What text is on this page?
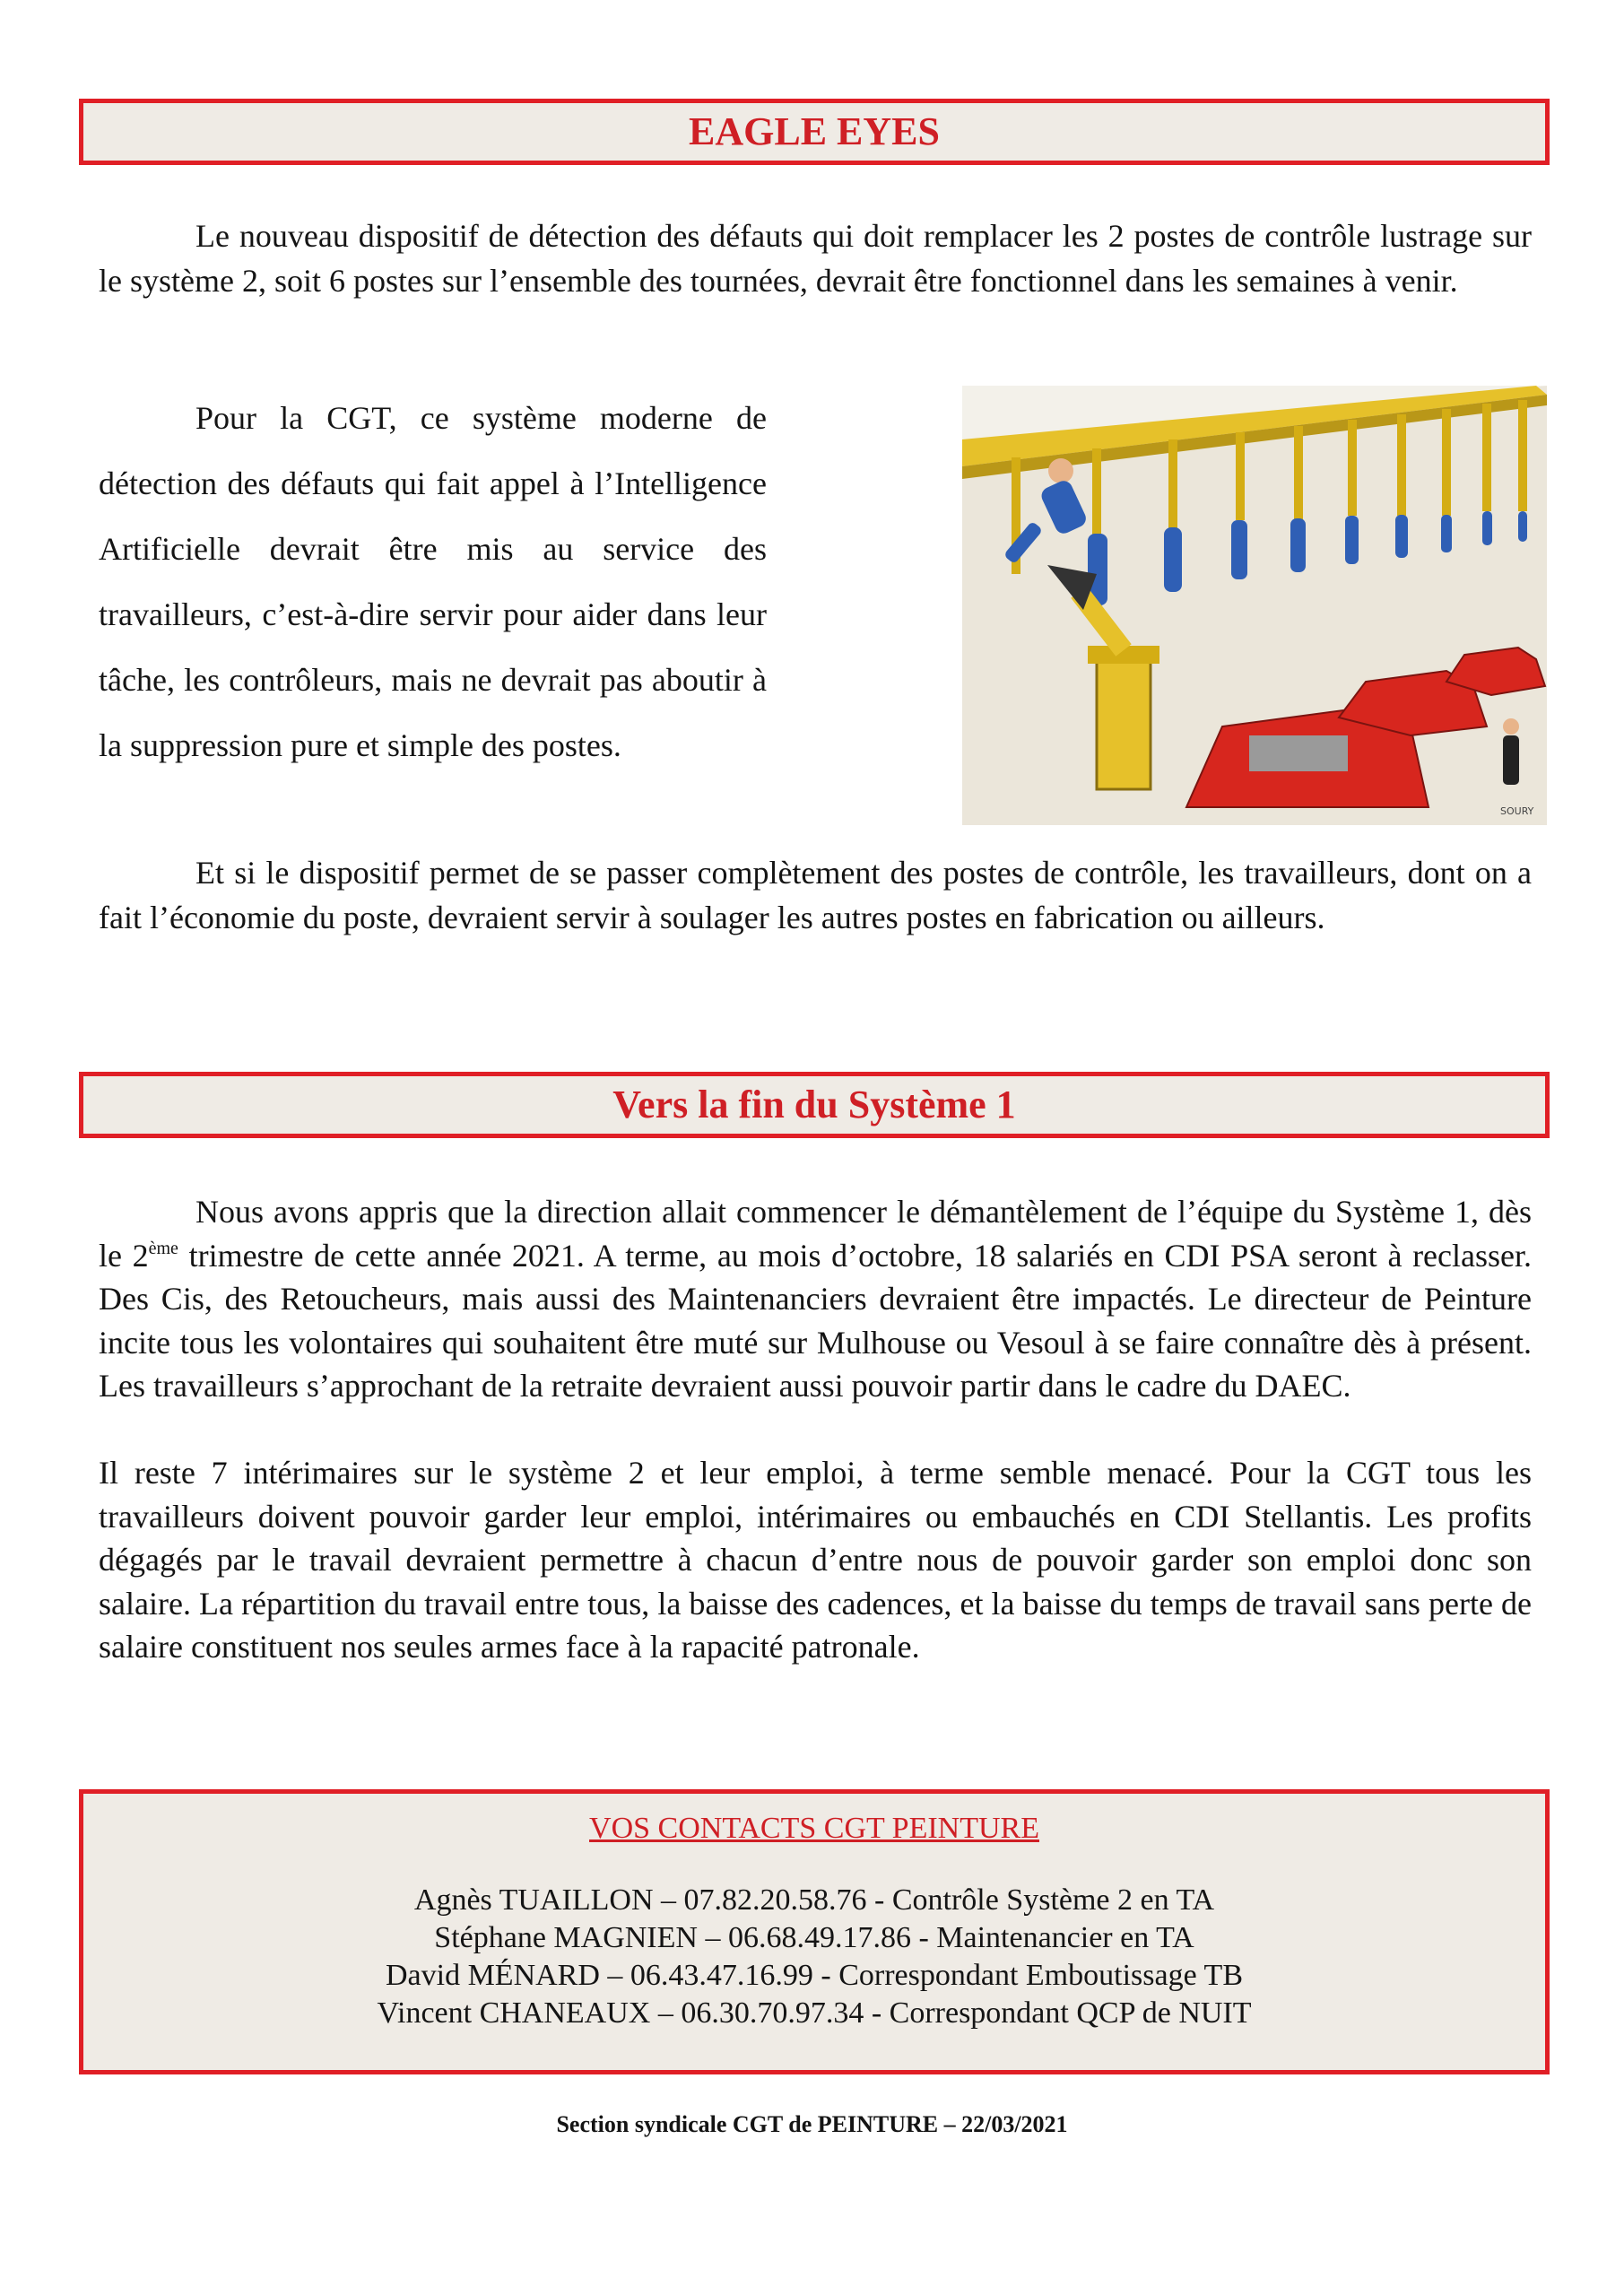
EAGLE EYES

Le nouveau dispositif de détection des défauts qui doit remplacer les 2 postes de contrôle lustrage sur le système 2, soit 6 postes sur l’ensemble des tournées, devrait être fonctionnel dans les semaines à venir.

Pour la CGT, ce système moderne de détection des défauts qui fait appel à l’Intelligence Artificielle devrait être mis au service des travailleurs, c’est-à-dire servir pour aider dans leur tâche, les contrôleurs, mais ne devrait pas aboutir à la suppression pure et simple des postes.

SOURY

Et si le dispositif permet de se passer complètement des postes de contrôle, les travailleurs, dont on a fait l’économie du poste, devraient servir à soulager les autres postes en fabrication ou ailleurs.

Vers la fin du Système 1

Nous avons appris que la direction allait commencer le démantèlement de l’équipe du Système 1, dès le 2ème trimestre de cette année 2021. A terme, au mois d’octobre, 18 salariés en CDI PSA seront à reclasser. Des Cis, des Retoucheurs, mais aussi des Maintenanciers devraient être impactés. Le directeur de Peinture incite tous les volontaires qui souhaitent être muté sur Mulhouse ou Vesoul à se faire connaître dès à présent. Les travailleurs s’approchant de la retraite devraient aussi pouvoir partir dans le cadre du DAEC.

Il reste 7 intérimaires sur le système 2 et leur emploi, à terme semble menacé. Pour la CGT tous les travailleurs doivent pouvoir garder leur emploi, intérimaires ou embauchés en CDI Stellantis. Les profits dégagés par le travail devraient permettre à chacun d’entre nous de pouvoir garder son emploi donc son salaire. La répartition du travail entre tous, la baisse des cadences, et la baisse du temps de travail sans perte de salaire constituent nos seules armes face à la rapacité patronale.

VOS CONTACTS CGT PEINTURE
Agnès TUAILLON – 07.82.20.58.76 - Contrôle Système 2 en TA
Stéphane MAGNIEN – 06.68.49.17.86 - Maintenancier en TA
David MÉNARD – 06.43.47.16.99 - Correspondant Emboutissage TB
Vincent CHANEAUX – 06.30.70.97.34 - Correspondant QCP de NUIT
Section syndicale CGT de PEINTURE – 22/03/2021
